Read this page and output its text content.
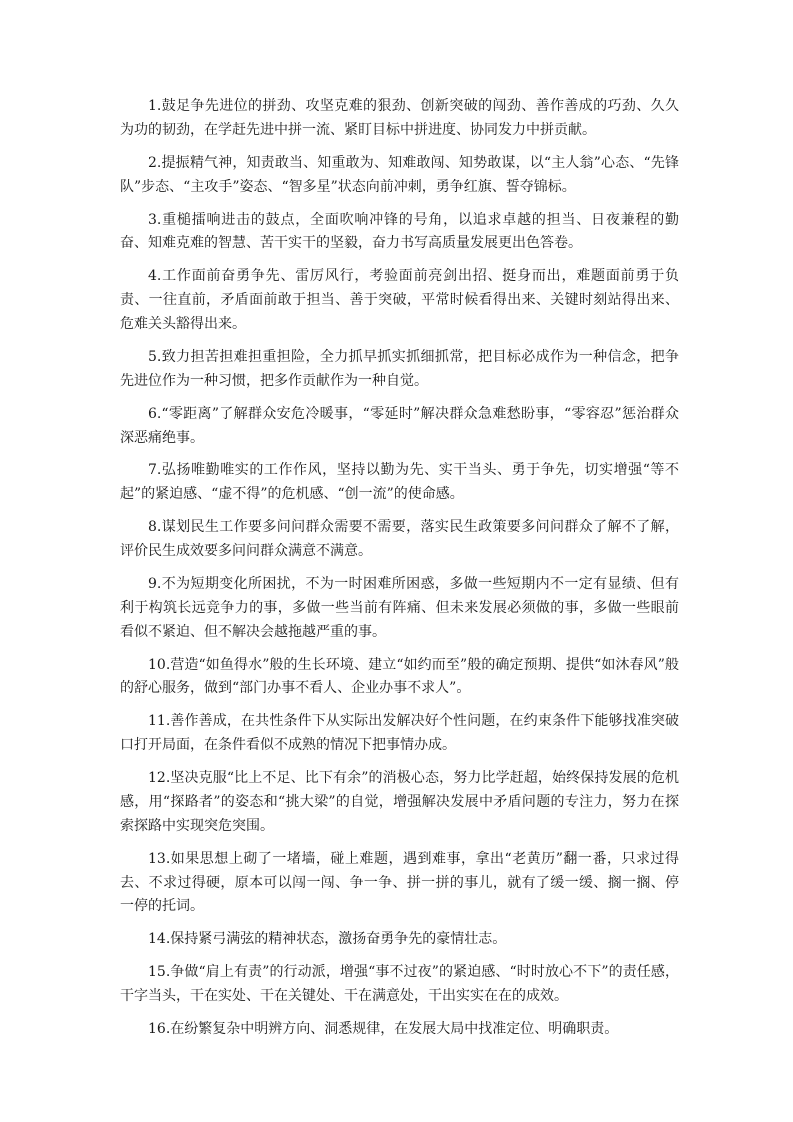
1.鼓足争先进位的拼劲、攻坚克难的狠劲、创新突破的闯劲、善作善成的巧劲、久久为功的韧劲，在学赶先进中拼一流、紧盯目标中拼进度、协同发力中拼贡献。

2.提振精气神，知责敢当、知重敢为、知难敢闯、知势敢谋，以“主人翁”心态、“先锋队”步态、“主攻手”姿态、“智多星”状态向前冲刺，勇争红旗、誓夺锦标。

3.重槌擂响进击的鼓点，全面吹响冲锋的号角，以追求卓越的担当、日夜兼程的勤奋、知难克难的智慧、苦干实干的坚毅，奋力书写高质量发展更出色答卷。

4.工作面前奋勇争先、雷厉风行，考验面前亮剑出招、挺身而出，难题面前勇于负责、一往直前，矛盾面前敢于担当、善于突破，平常时候看得出来、关键时刻站得出来、危难关头豁得出来。

5.致力担苦担难担重担险，全力抓早抓实抓细抓常，把目标必成作为一种信念，把争先进位作为一种习惯，把多作贡献作为一种自觉。

6.“零距离”了解群众安危冷暖事，“零延时”解决群众急难愁盼事，“零容忍”惩治群众深恶痛绝事。

7.弘扬唯勤唯实的工作作风，坚持以勤为先、实干当头、勇于争先，切实增强“等不起”的紧迫感、“虚不得”的危机感、“创一流”的使命感。

8.谋划民生工作要多问问群众需要不需要，落实民生政策要多问问群众了解不了解，评价民生成效要多问问群众满意不满意。

9.不为短期变化所困扰，不为一时困难所困惑，多做一些短期内不一定有显绩、但有利于构筑长远竞争力的事，多做一些当前有阵痛、但未来发展必须做的事，多做一些眼前看似不紧迫、但不解决会越拖越严重的事。

10.营造“如鱼得水”般的生长环境、建立“如约而至”般的确定预期、提供“如沐春风”般的舒心服务，做到“部门办事不看人、企业办事不求人”。

11.善作善成，在共性条件下从实际出发解决好个性问题，在约束条件下能够找准突破口打开局面，在条件看似不成熟的情况下把事情办成。

12.坚决克服“比上不足、比下有余”的消极心态，努力比学赶超，始终保持发展的危机感，用“探路者”的姿态和“挑大梁”的自觉，增强解决发展中矛盾问题的专注力，努力在探索探路中实现突危突围。

13.如果思想上砌了一堵墙，碰上难题，遇到难事，拿出“老黄历”翻一番，只求过得去、不求过得硬，原本可以闯一闯、争一争、拼一拼的事儿，就有了缓一缓、搁一搁、停一停的托词。

14.保持紧弓满弦的精神状态，激扬奋勇争先的豪情壮志。

15.争做“肩上有责”的行动派，增强“事不过夜”的紧迫感、“时时放心不下”的责任感，干字当头，干在实处、干在关键处、干在满意处，干出实实在在的成效。

16.在纷繁复杂中明辨方向、洞悉规律，在发展大局中找准定位、明确职责。
